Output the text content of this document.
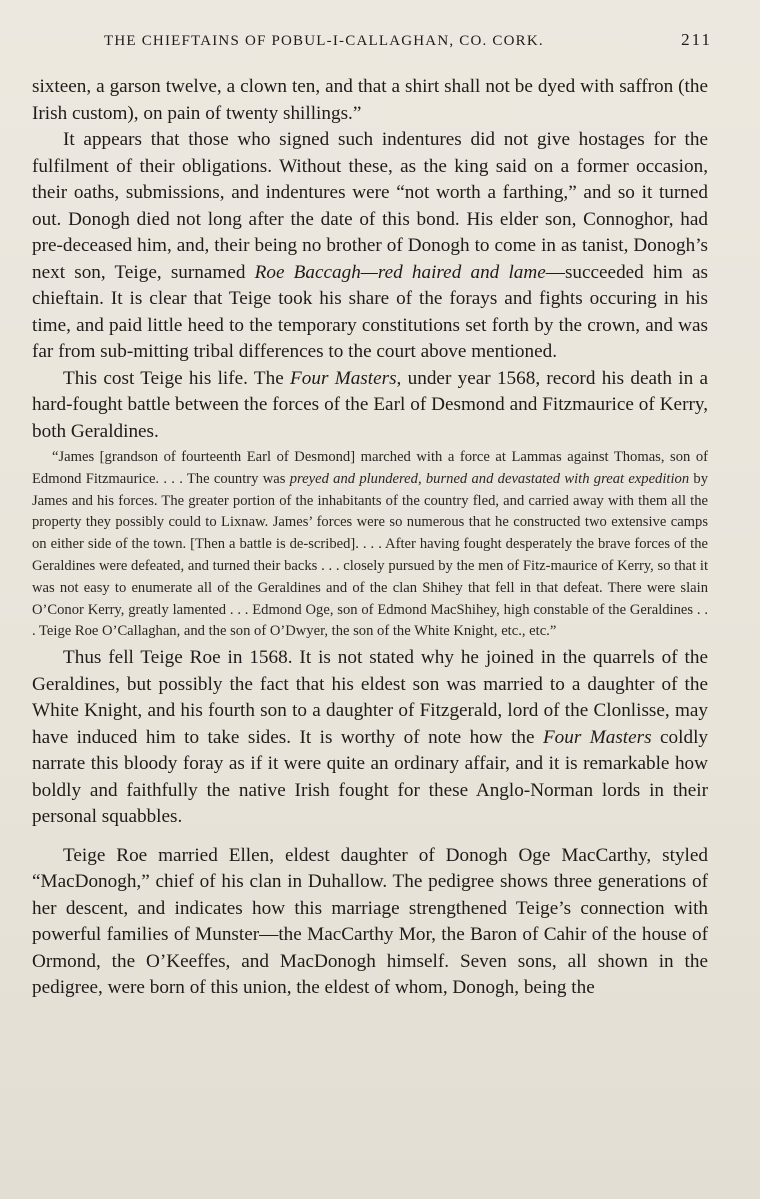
THE CHIEFTAINS OF POBUL-I-CALLAGHAN, CO. CORK.	211

sixteen, a garson twelve, a clown ten, and that a shirt shall not be dyed with saffron (the Irish custom), on pain of twenty shillings.”

It appears that those who signed such indentures did not give hostages for the fulfilment of their obligations. Without these, as the king said on a former occasion, their oaths, submissions, and indentures were “not worth a farthing,” and so it turned out. Donogh died not long after the date of this bond. His elder son, Connoghor, had pre-deceased him, and, their being no brother of Donogh to come in as tanist, Donogh’s next son, Teige, surnamed Roe Baccagh—red haired and lame—succeeded him as chieftain. It is clear that Teige took his share of the forays and fights occuring in his time, and paid little heed to the temporary constitutions set forth by the crown, and was far from sub-mitting tribal differences to the court above mentioned.

This cost Teige his life. The Four Masters, under year 1568, record his death in a hard-fought battle between the forces of the Earl of Desmond and Fitzmaurice of Kerry, both Geraldines.

“James [grandson of fourteenth Earl of Desmond] marched with a force at Lammas against Thomas, son of Edmond Fitzmaurice. . . . The country was preyed and plundered, burned and devastated with great expedition by James and his forces. The greater portion of the inhabitants of the country fled, and carried away with them all the property they possibly could to Lixnaw. James’ forces were so numerous that he constructed two extensive camps on either side of the town. [Then a battle is de-scribed]. . . . After having fought desperately the brave forces of the Geraldines were defeated, and turned their backs . . . closely pursued by the men of Fitz-maurice of Kerry, so that it was not easy to enumerate all of the Geraldines and of the clan Shihey that fell in that defeat. There were slain O’Conor Kerry, greatly lamented . . . Edmond Oge, son of Edmond MacShihey, high constable of the Geraldines . . . Teige Roe O’Callaghan, and the son of O’Dwyer, the son of the White Knight, etc., etc.”

Thus fell Teige Roe in 1568. It is not stated why he joined in the quarrels of the Geraldines, but possibly the fact that his eldest son was married to a daughter of the White Knight, and his fourth son to a daughter of Fitzgerald, lord of the Clonlisse, may have induced him to take sides. It is worthy of note how the Four Masters coldly narrate this bloody foray as if it were quite an ordinary affair, and it is remarkable how boldly and faithfully the native Irish fought for these Anglo-Norman lords in their personal squabbles.

Teige Roe married Ellen, eldest daughter of Donogh Oge MacCarthy, styled “MacDonogh,” chief of his clan in Duhallow. The pedigree shows three generations of her descent, and indicates how this marriage strengthened Teige’s connection with powerful families of Munster—the MacCarthy Mor, the Baron of Cahir of the house of Ormond, the O’Keeffes, and MacDonogh himself. Seven sons, all shown in the pedigree, were born of this union, the eldest of whom, Donogh, being the
